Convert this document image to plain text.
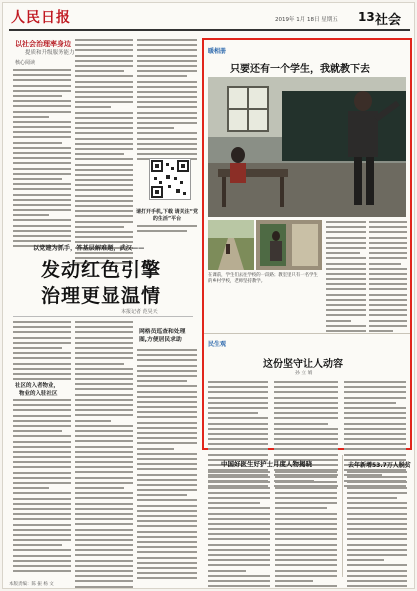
人民日报	2019年 1月 18日 星期五 13 社会
以社会治理率身边
提质和升级服务能力
核心阅读
请打开手机,下载 请关注“党的生活”平台
以党建为抓手，答基层解难题，武汉——
发动红色引擎
治理更显温情
本报记者 范昊天
社区的入者物业，
物业的入驻社区
网格员巡查和处理
图,方便居民求助
暖相册
只要还有一个学生，我就教下去
在课前，学生们去往学校的一段路；教室里只有一名学生的乡村学校，老师坚持教学。
民生观
这份坚守让人动容
孙 立 娟
中国好医生好护士月度人物揭晓	去年新增53.7万人脱贫
本版责编：陈 振 杨 文
